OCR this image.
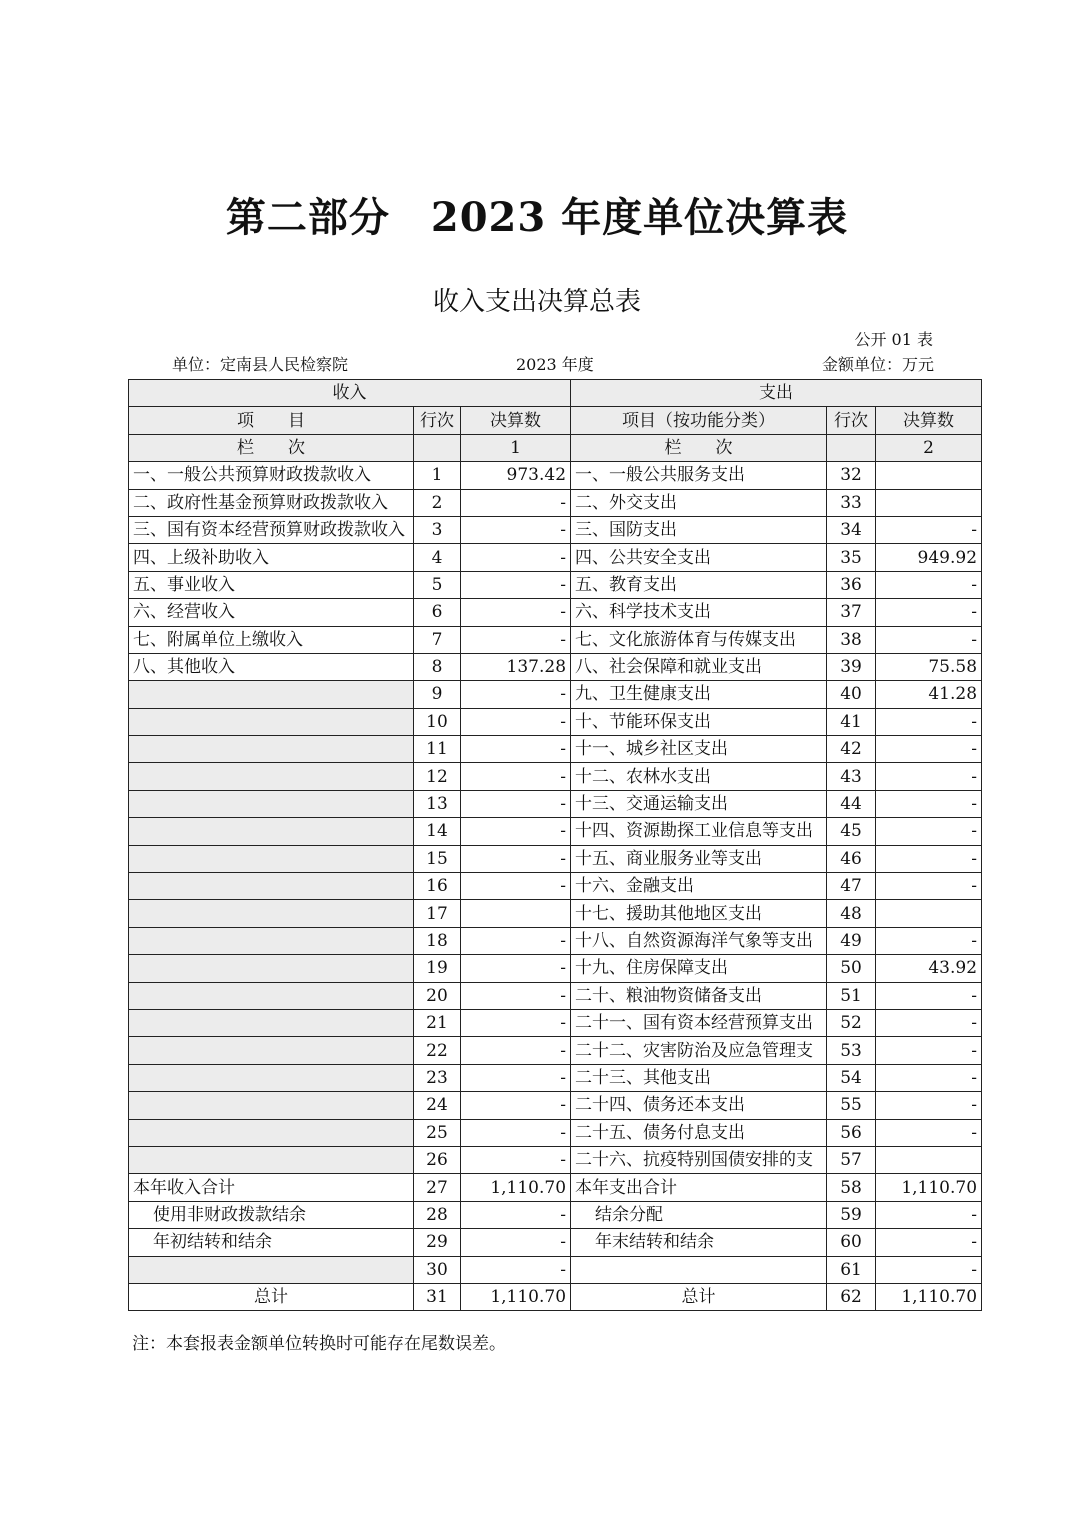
第二部分　2023 年度单位决算表
收入支出决算总表
公开 01 表
单位：定南县人民检察院	2023 年度	金额单位：万元
收入			支出		
项　　目	行次	决算数	项目（按功能分类）	行次	决算数
栏　　次		1	栏　　次		2
一、一般公共预算财政拨款收入	1	973.42	一、一般公共服务支出	32	
二、政府性基金预算财政拨款收入	2	-	二、外交支出	33	
三、国有资本经营预算财政拨款收入	3	-	三、国防支出	34	-
四、上级补助收入	4	-	四、公共安全支出	35	949.92
五、事业收入	5	-	五、教育支出	36	-
六、经营收入	6	-	六、科学技术支出	37	-
七、附属单位上缴收入	7	-	七、文化旅游体育与传媒支出	38	-
八、其他收入	8	137.28	八、社会保障和就业支出	39	75.58
	9	-	九、卫生健康支出	40	41.28
	10	-	十、节能环保支出	41	-
	11	-	十一、城乡社区支出	42	-
	12	-	十二、农林水支出	43	-
	13	-	十三、交通运输支出	44	-
	14	-	十四、资源勘探工业信息等支出	45	-
	15	-	十五、商业服务业等支出	46	-
	16	-	十六、金融支出	47	-
	17		十七、援助其他地区支出	48	
	18	-	十八、自然资源海洋气象等支出	49	-
	19	-	十九、住房保障支出	50	43.92
	20	-	二十、粮油物资储备支出	51	-
	21	-	二十一、国有资本经营预算支出	52	-
	22	-	二十二、灾害防治及应急管理支	53	-
	23	-	二十三、其他支出	54	-
	24	-	二十四、债务还本支出	55	-
	25	-	二十五、债务付息支出	56	-
	26	-	二十六、抗疫特别国债安排的支	57	
本年收入合计	27	1,110.70	本年支出合计	58	1,110.70
使用非财政拨款结余	28	-	结余分配	59	-
年初结转和结余	29	-	年末结转和结余	60	-
	30	-		61	-
总计	31	1,110.70	总计	62	1,110.70
注：本套报表金额单位转换时可能存在尾数误差。
